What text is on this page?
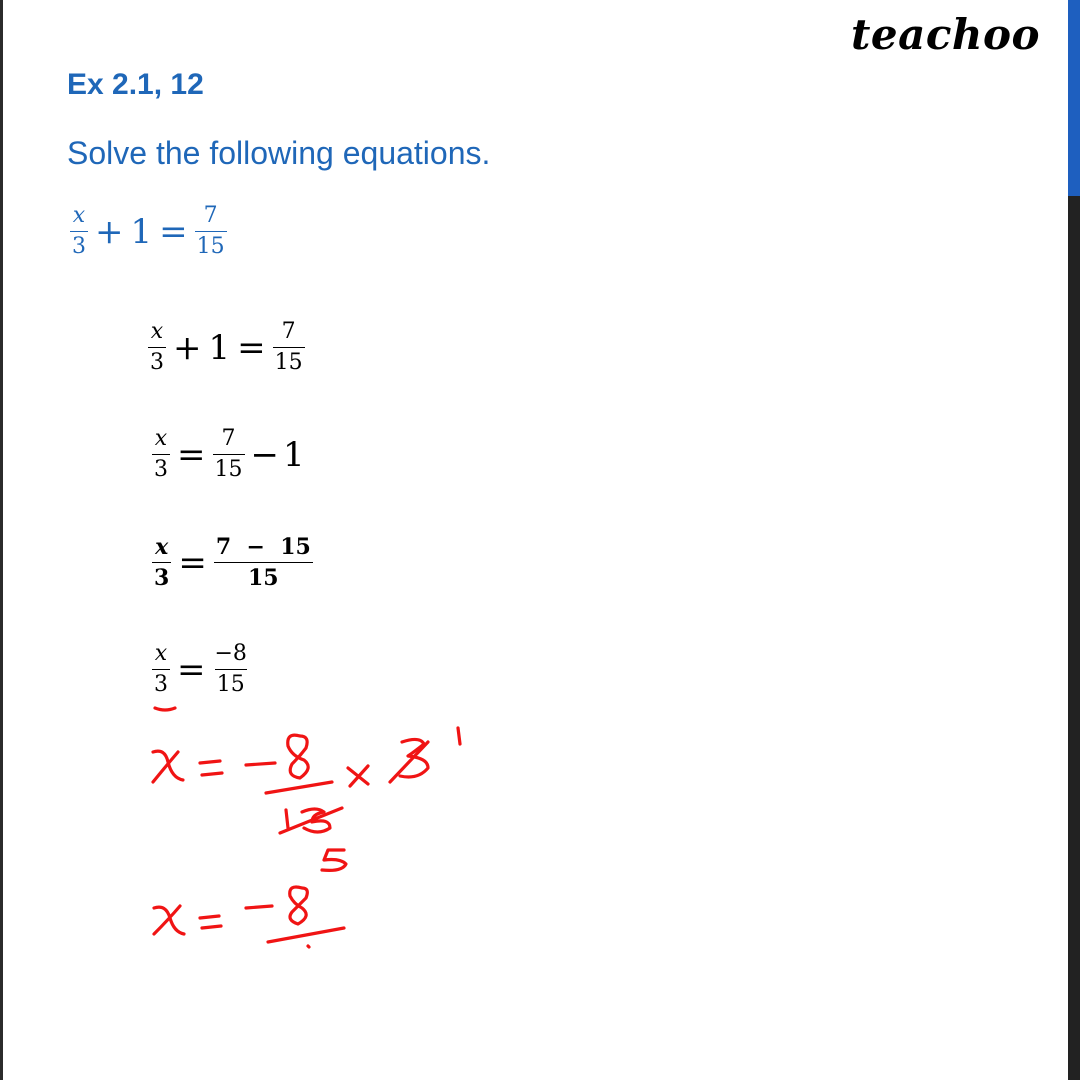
teachoo
Ex 2.1, 12
Solve the following equations.
$\frac{x}{3} + 1 = \frac{7}{15}$
$\frac{x}{3} + 1 = \frac{7}{15}$
$\frac{x}{3} = \frac{7}{15} - 1$
$\frac{x}{3} = \frac{7 - 15}{15}$
$\frac{x}{3} = \frac{-8}{15}$
